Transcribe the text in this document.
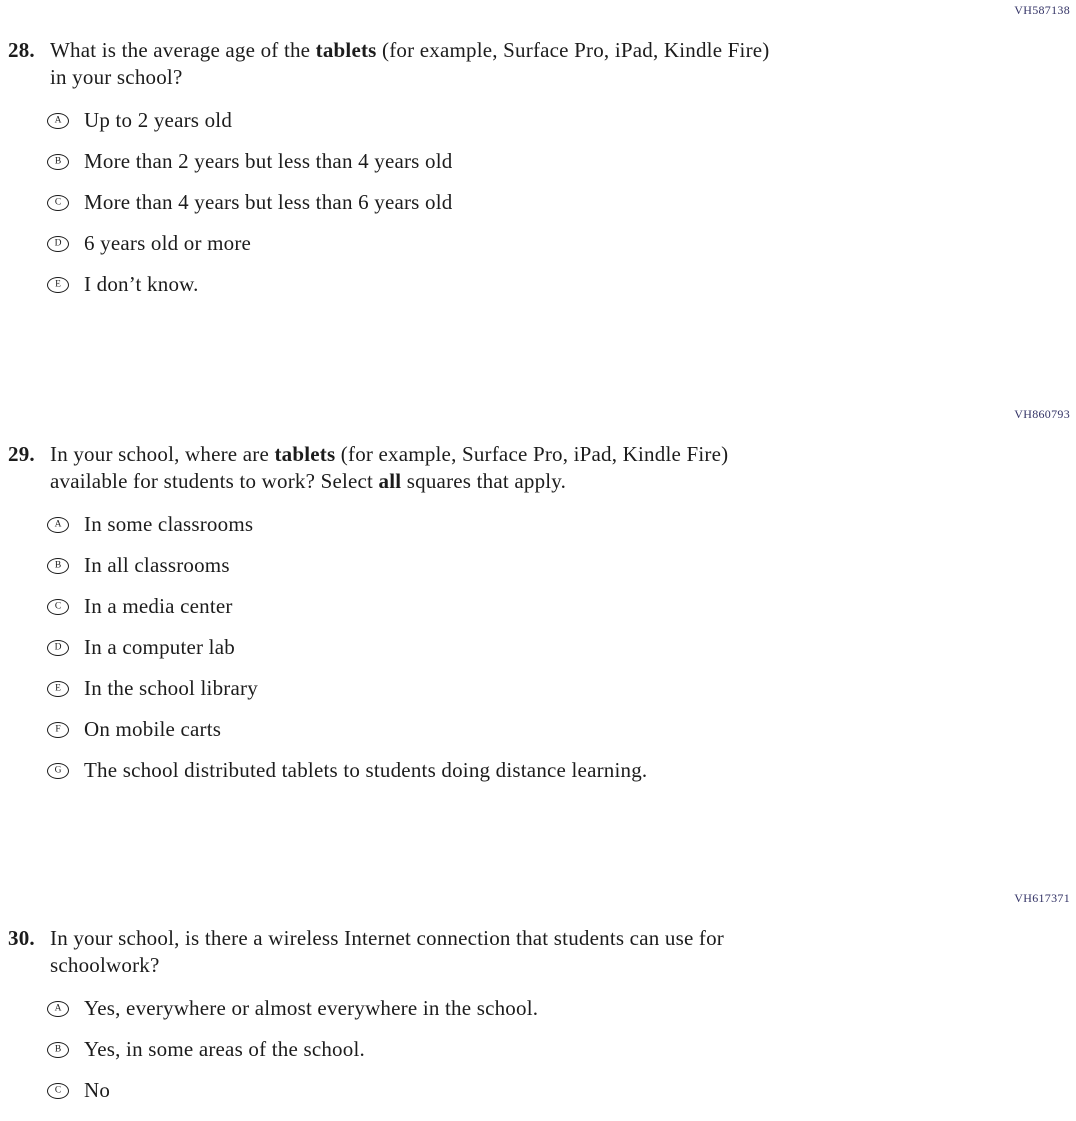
VH587138
28. What is the average age of the tablets (for example, Surface Pro, iPad, Kindle Fire)
in your school?
A Up to 2 years old
B More than 2 years but less than 4 years old
C More than 4 years but less than 6 years old
D 6 years old or more
E I don’t know.
VH860793
29. In your school, where are tablets (for example, Surface Pro, iPad, Kindle Fire)
available for students to work? Select all squares that apply.
A In some classrooms
B In all classrooms
C In a media center
D In a computer lab
E In the school library
F On mobile carts
G The school distributed tablets to students doing distance learning.
VH617371
30. In your school, is there a wireless Internet connection that students can use for
schoolwork?
A Yes, everywhere or almost everywhere in the school.
B Yes, in some areas of the school.
C No
